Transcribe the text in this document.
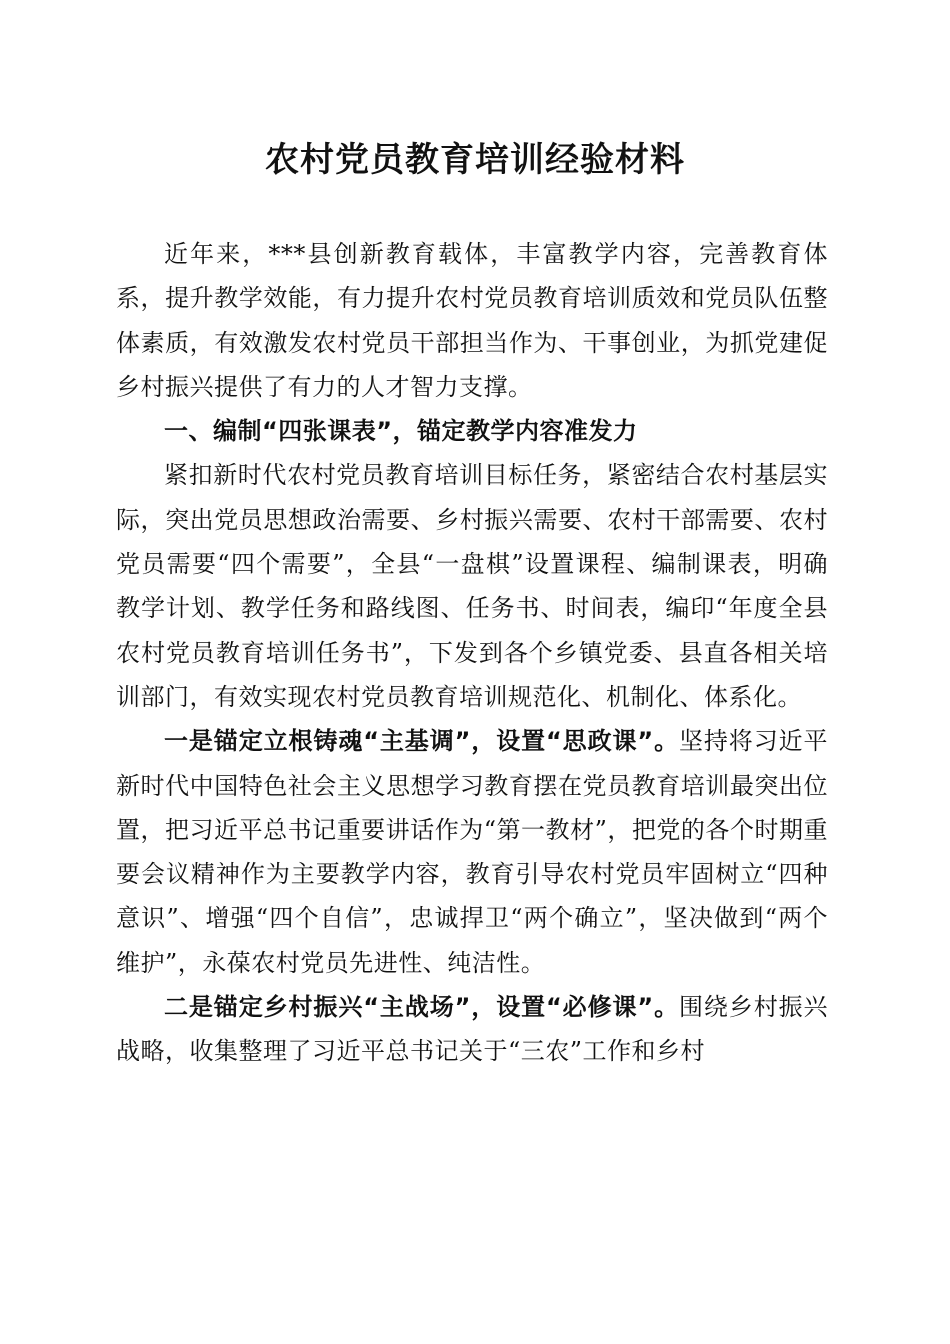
农村党员教育培训经验材料

近年来，***县创新教育载体，丰富教学内容，完善教育体系，提升教学效能，有力提升农村党员教育培训质效和党员队伍整体素质，有效激发农村党员干部担当作为、干事创业，为抓党建促乡村振兴提供了有力的人才智力支撑。

一、编制“四张课表”，锚定教学内容准发力

紧扣新时代农村党员教育培训目标任务，紧密结合农村基层实际，突出党员思想政治需要、乡村振兴需要、农村干部需要、农村党员需要“四个需要”，全县“一盘棋”设置课程、编制课表，明确教学计划、教学任务和路线图、任务书、时间表，编印“年度全县农村党员教育培训任务书”，下发到各个乡镇党委、县直各相关培训部门，有效实现农村党员教育培训规范化、机制化、体系化。

一是锚定立根铸魂“主基调”，设置“思政课”。坚持将习近平新时代中国特色社会主义思想学习教育摆在党员教育培训最突出位置，把习近平总书记重要讲话作为“第一教材”，把党的各个时期重要会议精神作为主要教学内容，教育引导农村党员牢固树立“四种意识”、增强“四个自信”，忠诚捍卫“两个确立”，坚决做到“两个维护”，永葆农村党员先进性、纯洁性。

二是锚定乡村振兴“主战场”，设置“必修课”。围绕乡村振兴战略，收集整理了习近平总书记关于“三农”工作和乡村
